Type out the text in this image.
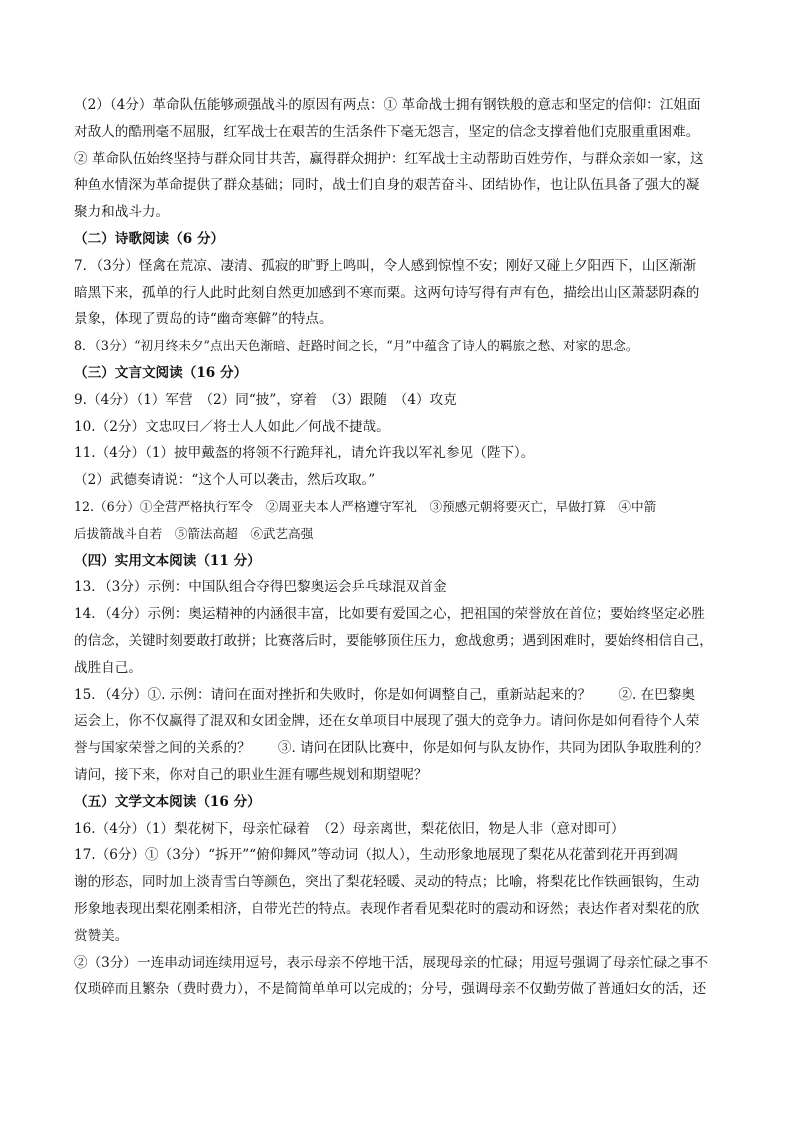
（2）（4分）革命队伍能够顽强战斗的原因有两点：① 革命战士拥有钢铁般的意志和坚定的信仰：江姐面

对敌人的酷刑毫不屈服，红军战士在艰苦的生活条件下毫无怨言，坚定的信念支撑着他们克服重重困难。

② 革命队伍始终坚持与群众同甘共苦，赢得群众拥护：红军战士主动帮助百姓劳作，与群众亲如一家，这

种鱼水情深为革命提供了群众基础；同时，战士们自身的艰苦奋斗、团结协作，也让队伍具备了强大的凝

聚力和战斗力。

（二）诗歌阅读（6 分）

7．（3分）怪禽在荒凉、凄清、孤寂的旷野上鸣叫，令人感到惊惶不安；刚好又碰上夕阳西下，山区渐渐

暗黑下来，孤单的行人此时此刻自然更加感到不寒而栗。这两句诗写得有声有色，描绘出山区萧瑟阴森的

景象，体现了贾岛的诗“幽奇寒僻”的特点。

8．（3分）“初月终未夕”点出天色渐暗、赶路时间之长，“月”中蕴含了诗人的羁旅之愁、对家的思念。

（三）文言文阅读（16 分）

9.（4分）（1）军营　（2）同“披”，穿着　（3）跟随　（4）攻克

10.（2分）文忠叹曰／将士人人如此／何战不捷哉。

11.（4分）（1）披甲戴盔的将领不行跪拜礼，请允许我以军礼参见（陛下）。

（2）武德奏请说：“这个人可以袭击，然后攻取。”

12.（6分）①全营严格执行军令　②周亚夫本人严格遵守军礼　③预感元朝将要灭亡，早做打算　④中箭

后拔箭战斗自若　⑤箭法高超　⑥武艺高强

（四）实用文本阅读（11 分）

13．（3分）示例：中国队组合夺得巴黎奥运会乒乓球混双首金

14．（4分）示例：奥运精神的内涵很丰富，比如要有爱国之心，把祖国的荣誉放在首位；要始终坚定必胜

的信念，关键时刻要敢打敢拼；比赛落后时，要能够顶住压力，愈战愈勇；遇到困难时，要始终相信自己，

战胜自己。

15．（4分）①. 示例：请问在面对挫折和失败时，你是如何调整自己，重新站起来的？　　②. 在巴黎奥

运会上，你不仅赢得了混双和女团金牌，还在女单项目中展现了强大的竞争力。请问你是如何看待个人荣

誉与国家荣誉之间的关系的？　　③. 请问在团队比赛中，你是如何与队友协作，共同为团队争取胜利的？

请问，接下来，你对自己的职业生涯有哪些规划和期望呢？

（五）文学文本阅读（16 分）

16.（4分）（1）梨花树下，母亲忙碌着　（2）母亲离世，梨花依旧，物是人非（意对即可）

17.（6分）①（3分）“拆开”“俯仰舞风”等动词（拟人），生动形象地展现了梨花从花蕾到花开再到凋

谢的形态，同时加上淡青雪白等颜色，突出了梨花轻暖、灵动的特点；比喻，将梨花比作铁画银钩，生动

形象地表现出梨花刚柔相济，自带光芒的特点。表现作者看见梨花时的震动和讶然；表达作者对梨花的欣

赏赞美。

②（3分）一连串动词连续用逗号，表示母亲不停地干活，展现母亲的忙碌；用逗号强调了母亲忙碌之事不

仅琐碎而且繁杂（费时费力），不是简简单单可以完成的；分号，强调母亲不仅勤劳做了普通妇女的活，还
